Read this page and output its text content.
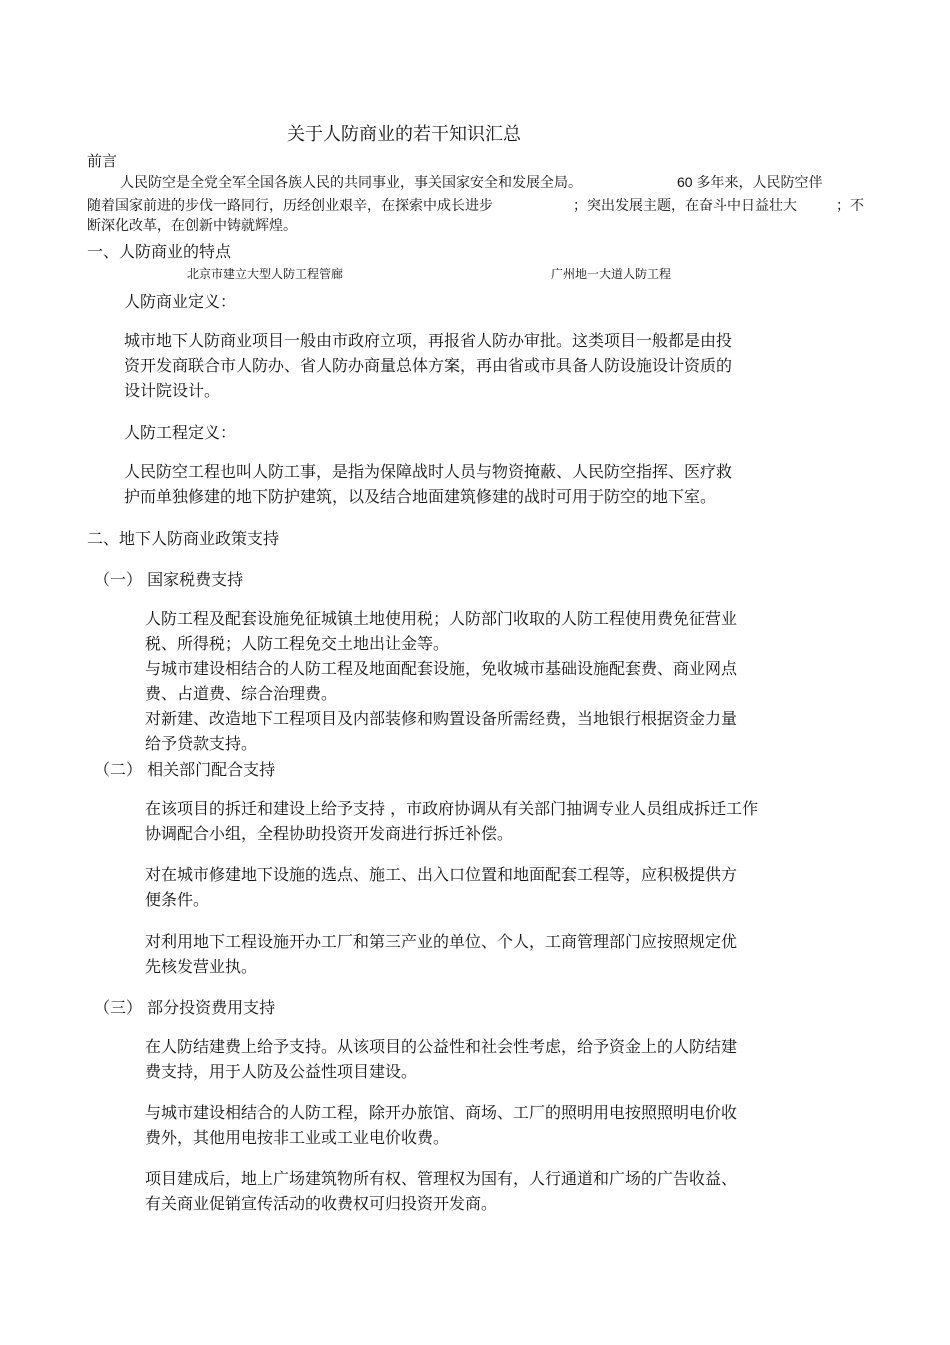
关于人防商业的若干知识汇总
前言
人民防空是全党全军全国各族人民的共同事业，事关国家安全和发展全局。	60 多年来，人民防空伴
随着国家前进的步伐一路同行，历经创业艰辛，在探索中成长进步	；突出发展主题，在奋斗中日益壮大	；不
断深化改革，在创新中铸就辉煌。
一、人防商业的特点
北京市建立大型人防工程管廊	广州地一大道人防工程
人防商业定义：
城市地下人防商业项目一般由市政府立项，再报省人防办审批。这类项目一般都是由投
资开发商联合市人防办、省人防办商量总体方案，再由省或市具备人防设施设计资质的
设计院设计。
人防工程定义：
人民防空工程也叫人防工事，是指为保障战时人员与物资掩蔽、人民防空指挥、医疗救
护而单独修建的地下防护建筑，以及结合地面建筑修建的战时可用于防空的地下室。
二、地下人防商业政策支持
（一） 国家税费支持
人防工程及配套设施免征城镇土地使用税；人防部门收取的人防工程使用费免征营业
税、所得税；人防工程免交土地出让金等。
与城市建设相结合的人防工程及地面配套设施，免收城市基础设施配套费、商业网点
费、占道费、综合治理费。
对新建、改造地下工程项目及内部装修和购置设备所需经费，当地银行根据资金力量
给予贷款支持。
（二） 相关部门配合支持
在该项目的拆迁和建设上给予支持 ，市政府协调从有关部门抽调专业人员组成拆迁工作
协调配合小组，全程协助投资开发商进行拆迁补偿。
对在城市修建地下设施的选点、施工、出入口位置和地面配套工程等，应积极提供方
便条件。
对利用地下工程设施开办工厂和第三产业的单位、个人，工商管理部门应按照规定优
先核发营业执。
（三） 部分投资费用支持
在人防结建费上给予支持。从该项目的公益性和社会性考虑，给予资金上的人防结建
费支持，用于人防及公益性项目建设。
与城市建设相结合的人防工程，除开办旅馆、商场、工厂的照明用电按照照明电价收
费外，其他用电按非工业或工业电价收费。
项目建成后，地上广场建筑物所有权、管理权为国有，人行通道和广场的广告收益、
有关商业促销宣传活动的收费权可归投资开发商。
